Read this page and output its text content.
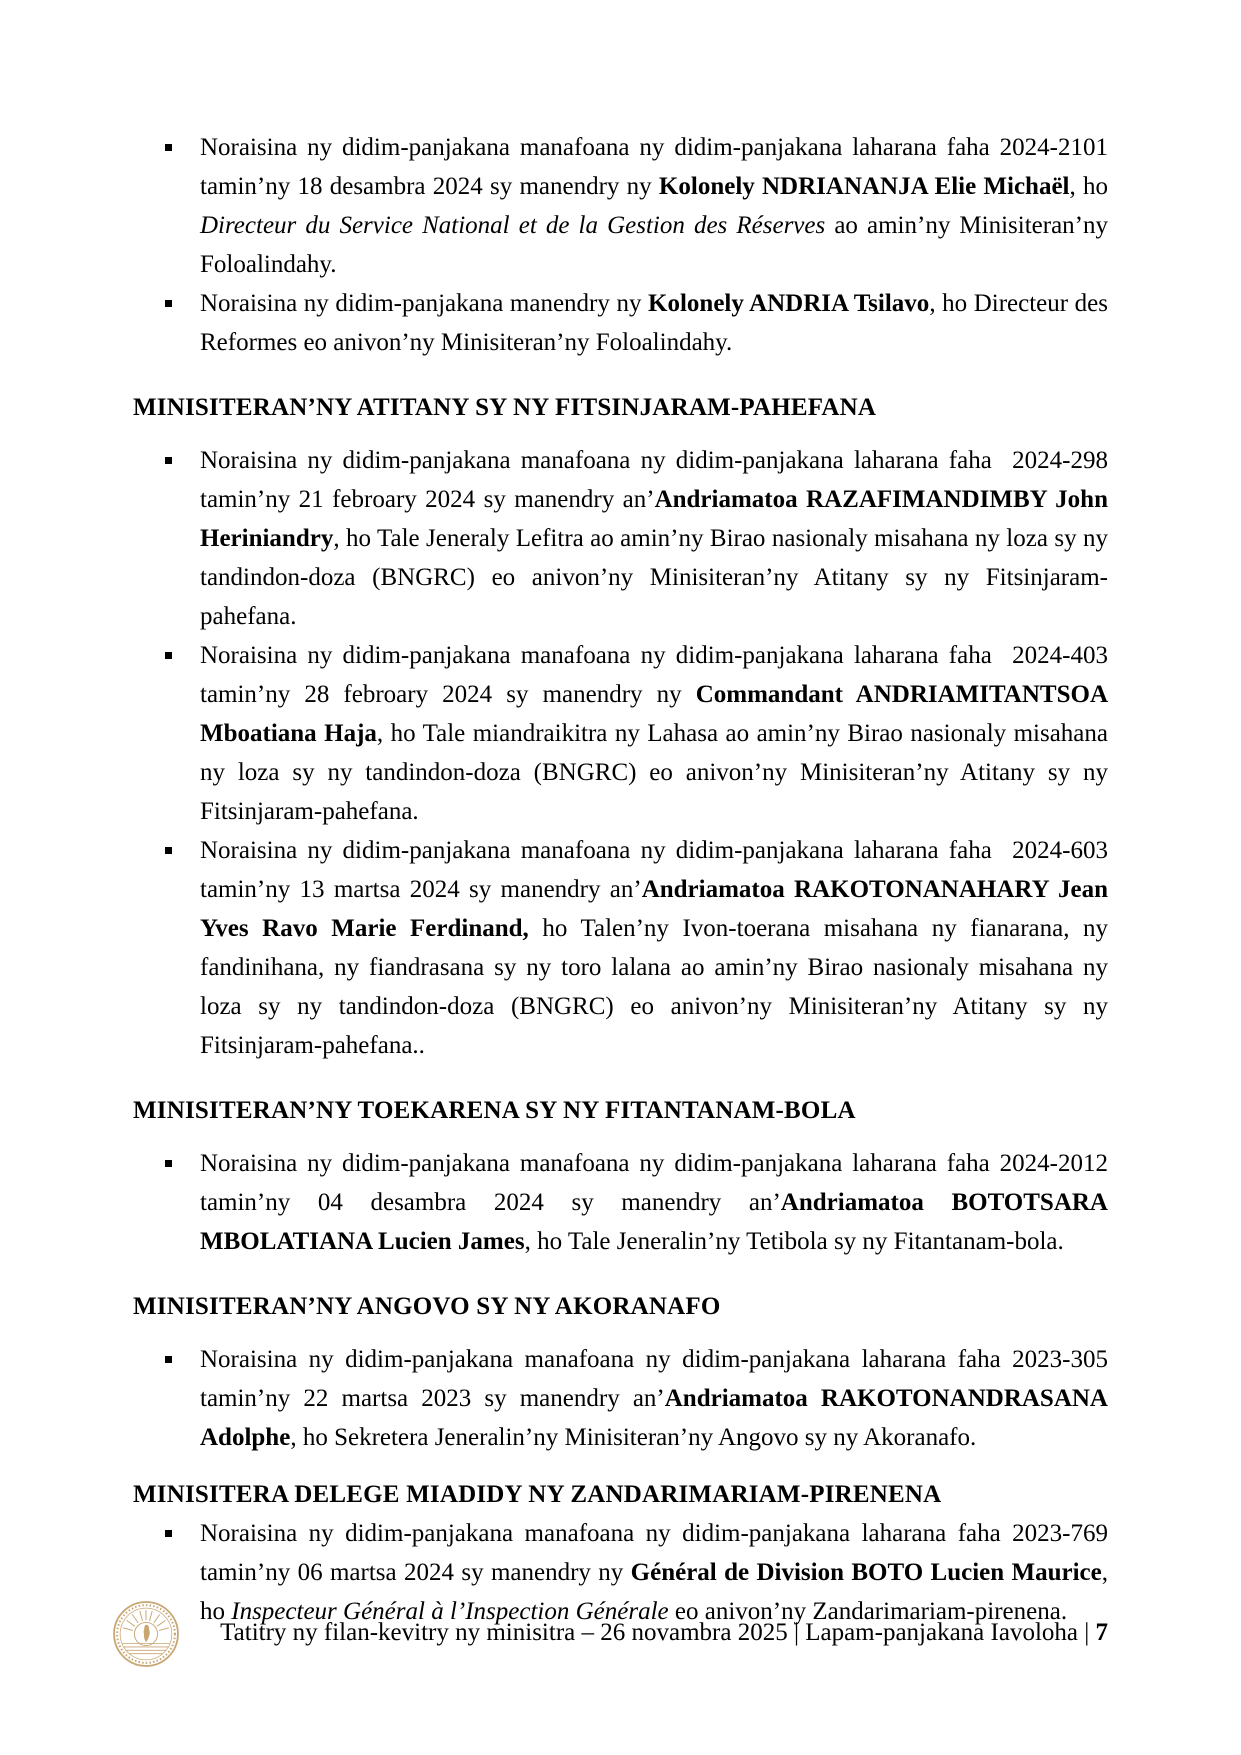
Noraisina ny didim-panjakana manafoana ny didim-panjakana laharana faha 2024-2101 tamin’ny 18 desambra 2024 sy manendry ny Kolonely NDRIANANJA Elie Michaël, ho Directeur du Service National et de la Gestion des Réserves ao amin’ny Minisiteran’ny Foloalindahy.
Noraisina ny didim-panjakana manendry ny Kolonely ANDRIA Tsilavo, ho Directeur des Reformes eo anivon’ny Minisiteran’ny Foloalindahy.
MINISITERAN’NY ATITANY SY NY FITSINJARAM-PAHEFANA
Noraisina ny didim-panjakana manafoana ny didim-panjakana laharana faha  2024-298 tamin’ny 21 febroary 2024 sy manendry an’Andriamatoa RAZAFIMANDIMBY John Heriniandry, ho Tale Jeneraly Lefitra ao amin’ny Birao nasionaly misahana ny loza sy ny tandindon-doza (BNGRC) eo anivon’ny Minisiteran’ny Atitany sy ny Fitsinjaram-pahefana.
Noraisina ny didim-panjakana manafoana ny didim-panjakana laharana faha  2024-403 tamin’ny 28 febroary 2024 sy manendry ny Commandant ANDRIAMITANTSOA Mboatiana Haja, ho Tale miandraikitra ny Lahasa ao amin’ny Birao nasionaly misahana ny loza sy ny tandindon-doza (BNGRC) eo anivon’ny Minisiteran’ny Atitany sy ny Fitsinjaram-pahefana.
Noraisina ny didim-panjakana manafoana ny didim-panjakana laharana faha  2024-603 tamin’ny 13 martsa 2024 sy manendry an’Andriamatoa RAKOTONANAHARY Jean Yves Ravo Marie Ferdinand, ho Talen’ny Ivon-toerana misahana ny fianarana, ny fandinihana, ny fiandrasana sy ny toro lalana ao amin’ny Birao nasionaly misahana ny loza sy ny tandindon-doza (BNGRC) eo anivon’ny Minisiteran’ny Atitany sy ny Fitsinjaram-pahefana..
MINISITERAN’NY TOEKARENA SY NY FITANTANAM-BOLA
Noraisina ny didim-panjakana manafoana ny didim-panjakana laharana faha 2024-2012 tamin’ny 04 desambra 2024 sy manendry an’Andriamatoa BOTOTSARA MBOLATIANA Lucien James, ho Tale Jeneralin’ny Tetibola sy ny Fitantanam-bola.
MINISITERAN’NY ANGOVO SY NY AKORANAFO
Noraisina ny didim-panjakana manafoana ny didim-panjakana laharana faha 2023-305 tamin’ny 22 martsa 2023 sy manendry an’Andriamatoa RAKOTONANDRASANA Adolphe, ho Sekretera Jeneralin’ny Minisiteran’ny Angovo sy ny Akoranafo.
MINISITERA DELEGE MIADIDY NY ZANDARIMARIAM-PIRENENA
Noraisina ny didim-panjakana manafoana ny didim-panjakana laharana faha 2023-769 tamin’ny 06 martsa 2024 sy manendry ny Général de Division BOTO Lucien Maurice, ho Inspecteur Général à l’Inspection Générale eo anivon’ny Zandarimariam-pirenena.
Tatitry ny filan-kevitry ny minisitra – 26 novambra 2025 | Lapam-panjakana Iavoloha | 7
